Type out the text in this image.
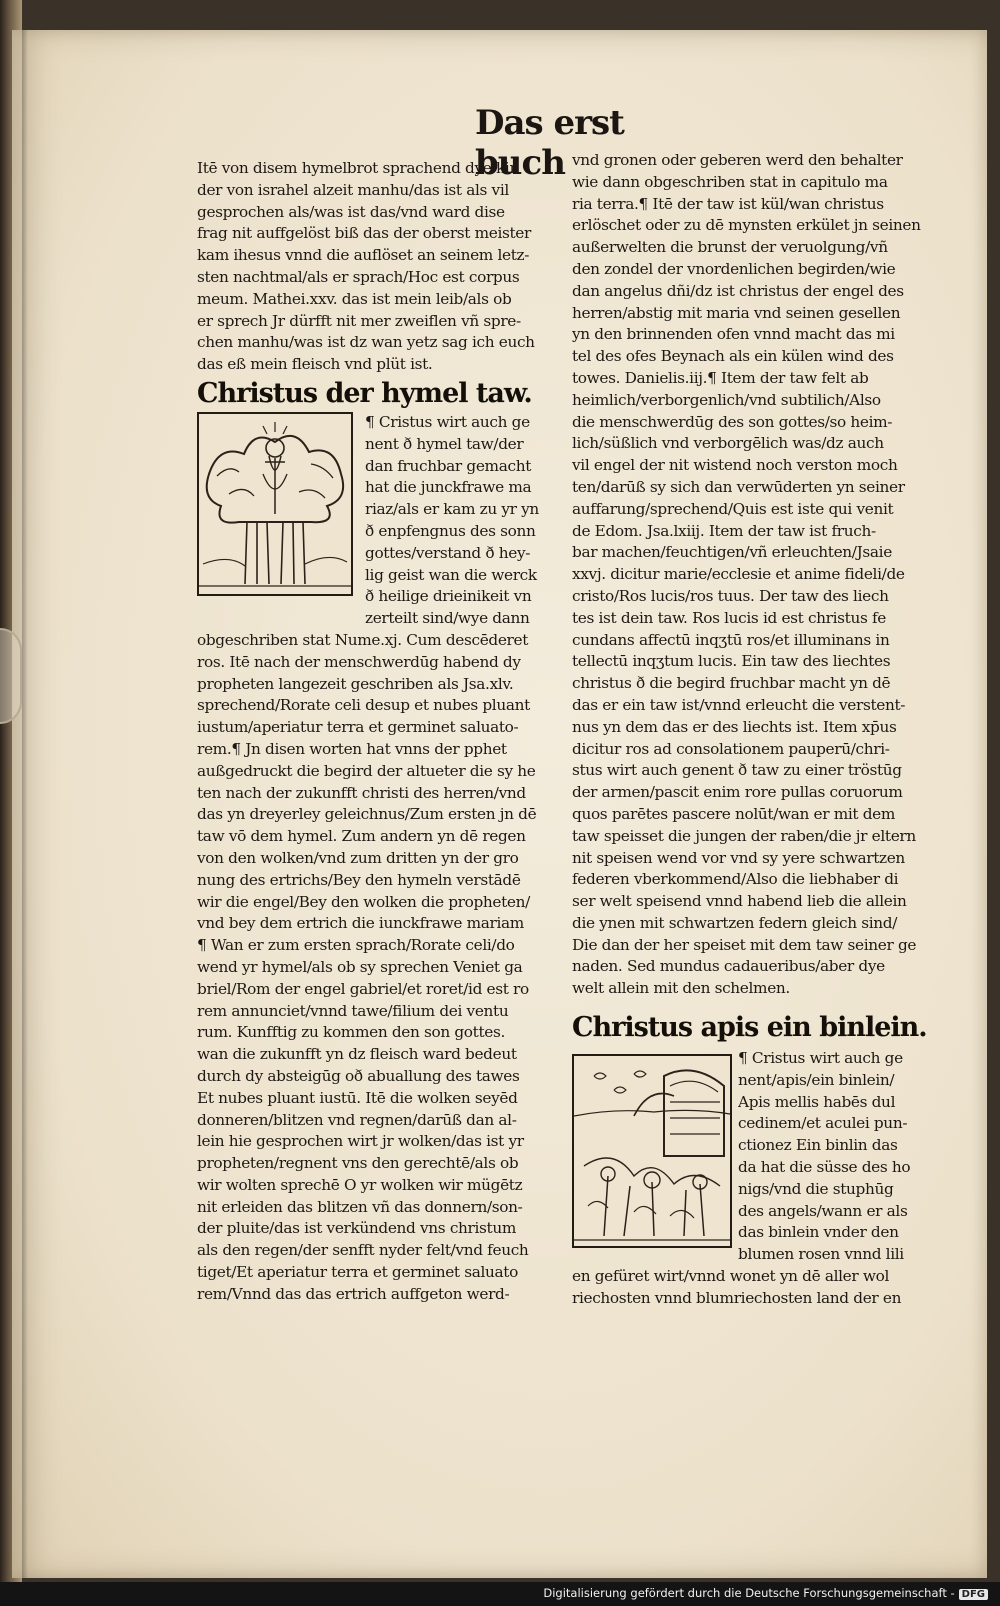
Das erst buch
Itē von disem hymelbrot sprachend dye kin
der von israhel alzeit manhu/das ist als vil
gesprochen als/was ist das/vnd ward dise
frag nit auffgelöst biß das der oberst meister
kam ihesus vnnd die auflöset an seinem letz-
sten nachtmal/als er sprach/Hoc est corpus
meum. Mathei.xxv. das ist mein leib/als ob
er sprech Jr dürfft nit mer zweiflen vñ spre-
chen manhu/was ist dz wan yetz sag ich euch
das eß mein fleisch vnd plüt ist.
Christus der hymel taw.
¶ Cristus wirt auch ge
nent ð hymel taw/der
dan fruchbar gemacht
hat die junckfrawe ma
riaz/als er kam zu yr yn
ð enpfengnus des sonn
gottes/verstand ð hey-
lig geist wan die werck
ð heilige drieinikeit vn
zerteilt sind/wye dann
obgeschriben stat Nume.xj. Cum descēderet
ros. Itē nach der menschwerdūg habend dy
propheten langezeit geschriben als Jsa.xlv.
sprechend/Rorate celi desup et nubes pluant
iustum/aperiatur terra et germinet saluato-
rem.¶ Jn disen worten hat vnns der pphet
außgedruckt die begird der altueter die sy he
ten nach der zukunfft christi des herren/vnd
das yn dreyerley geleichnus/Zum ersten jn dē
taw vō dem hymel. Zum andern yn dē regen
von den wolken/vnd zum dritten yn der gro
nung des ertrichs/Bey den hymeln verstādē
wir die engel/Bey den wolken die propheten/
vnd bey dem ertrich die iunckfrawe mariam
¶ Wan er zum ersten sprach/Rorate celi/do
wend yr hymel/als ob sy sprechen Veniet ga
briel/Rom der engel gabriel/et roret/id est ro
rem annunciet/vnnd tawe/filium dei ventu
rum. Kunfftig zu kommen den son gottes.
wan die zukunfft yn dz fleisch ward bedeut
durch dy absteigūg oð abuallung des tawes
Et nubes pluant iustū. Itē die wolken seyēd
donneren/blitzen vnd regnen/darūß dan al-
lein hie gesprochen wirt jr wolken/das ist yr
propheten/regnent vns den gerechtē/als ob
wir wolten sprechē O yr wolken wir mügētz
nit erleiden das blitzen vñ das donnern/son-
der pluite/das ist verkündend vns christum
als den regen/der senfft nyder felt/vnd feuch
tiget/Et aperiatur terra et germinet saluato
rem/Vnnd das das ertrich auffgeton werd-
vnd gronen oder geberen werd den behalter
wie dann obgeschriben stat in capitulo ma
ria terra.¶ Itē der taw ist kül/wan christus
erlöschet oder zu dē mynsten erkület jn seinen
außerwelten die brunst der veruolgung/vñ
den zondel der vnordenlichen begirden/wie
dan angelus dñi/dz ist christus der engel des
herren/abstig mit maria vnd seinen gesellen
yn den brinnenden ofen vnnd macht das mi
tel des ofes Beynach als ein külen wind des
towes. Danielis.iij.¶ Item der taw felt ab
heimlich/verborgenlich/vnd subtilich/Also
die menschwerdūg des son gottes/so heim-
lich/süßlich vnd verborgēlich was/dz auch
vil engel der nit wistend noch verston moch
ten/darūß sy sich dan verwūderten yn seiner
auffarung/sprechend/Quis est iste qui venit
de Edom. Jsa.lxiij. Item der taw ist fruch-
bar machen/feuchtigen/vñ erleuchten/Jsaie
xxvj. dicitur marie/ecclesie et anime fideli/de
cristo/Ros lucis/ros tuus. Der taw des liech
tes ist dein taw. Ros lucis id est christus fe
cundans affectū inqʒtū ros/et illuminans in
tellectū inqʒtum lucis. Ein taw des liechtes
christus ð die begird fruchbar macht yn dē
das er ein taw ist/vnnd erleucht die verstent-
nus yn dem das er des liechts ist. Item xp̄us
dicitur ros ad consolationem pauperū/chri-
stus wirt auch genent ð taw zu einer tröstūg
der armen/pascit enim rore pullas coruorum
quos parētes pascere nolūt/wan er mit dem
taw speisset die jungen der raben/die jr eltern
nit speisen wend vor vnd sy yere schwartzen
federen vberkommend/Also die liebhaber di
ser welt speisend vnnd habend lieb die allein
die ynen mit schwartzen federn gleich sind/
Die dan der her speiset mit dem taw seiner ge
naden. Sed mundus cadaueribus/aber dye
welt allein mit den schelmen.
Christus apis ein binlein.
¶ Cristus wirt auch ge
nent/apis/ein binlein/
Apis mellis habēs dul
cedinem/et aculei pun-
ctionez Ein binlin das
da hat die süsse des ho
nigs/vnd die stuphūg
des angels/wann er als
das binlein vnder den
blumen rosen vnnd lili
en gefüret wirt/vnnd wonet yn dē aller wol
riechosten vnnd blumriechosten land der en
Digitalisierung gefördert durch die Deutsche Forschungsgemeinschaft - DFG
